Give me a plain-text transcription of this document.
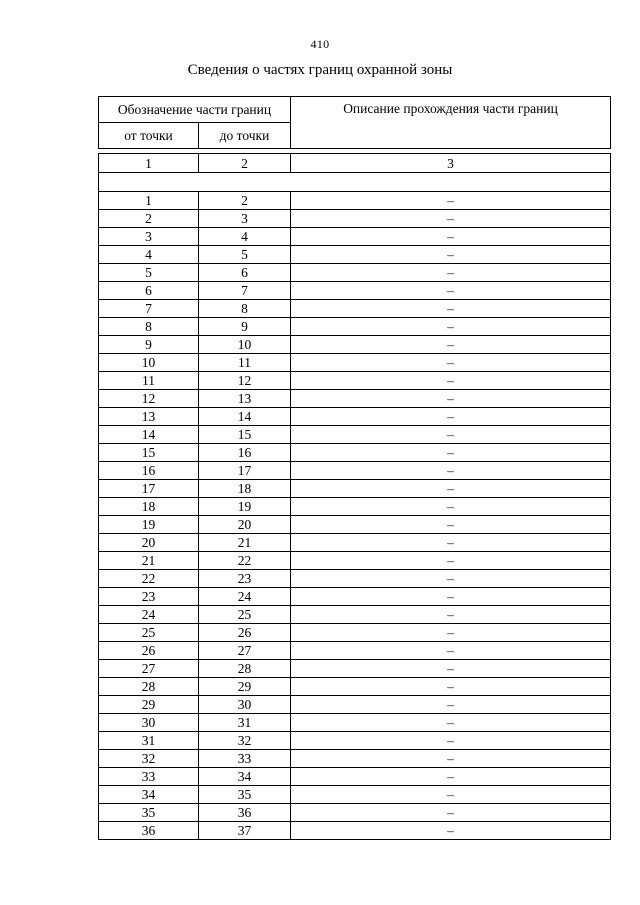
410
Сведения о частях границ охранной зоны
Обозначение части границ		Описание прохождения части границ
от точки	до точки	

1	2	3

1	2	–
2	3	–
3	4	–
4	5	–
5	6	–
6	7	–
7	8	–
8	9	–
9	10	–
10	11	–
11	12	–
12	13	–
13	14	–
14	15	–
15	16	–
16	17	–
17	18	–
18	19	–
19	20	–
20	21	–
21	22	–
22	23	–
23	24	–
24	25	–
25	26	–
26	27	–
27	28	–
28	29	–
29	30	–
30	31	–
31	32	–
32	33	–
33	34	–
34	35	–
35	36	–
36	37	–
